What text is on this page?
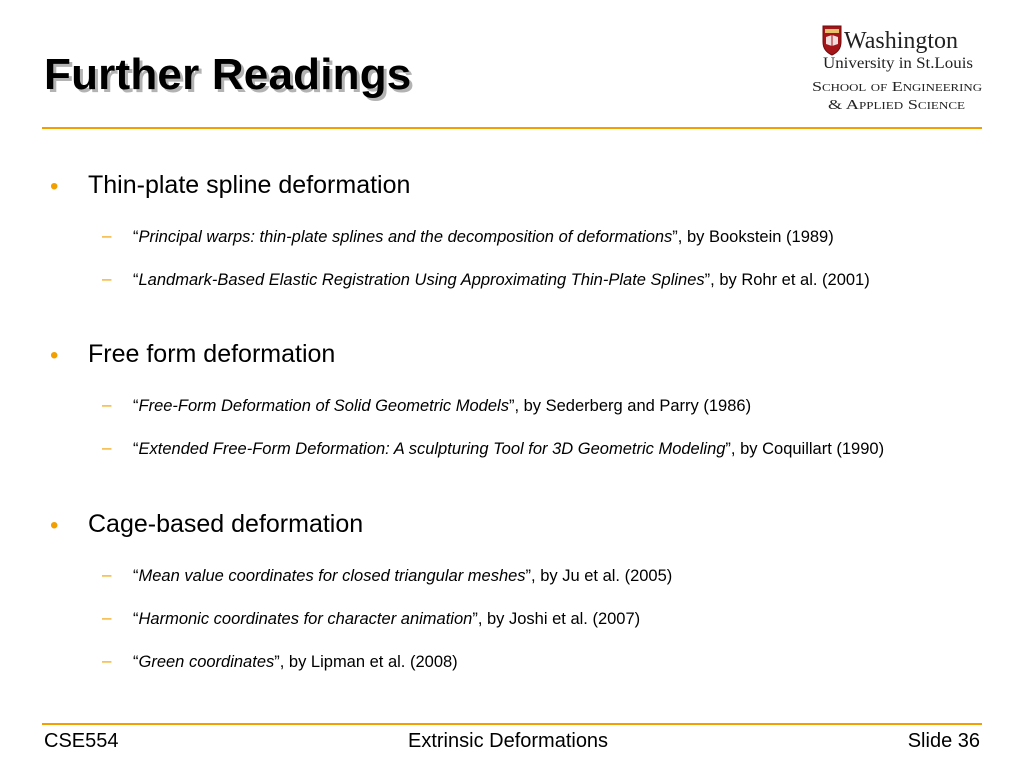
Further Readings
Washington
University in St.Louis
School of Engineering
& Applied Science
• Thin-plate spline deformation
– “Principal warps: thin-plate splines and the decomposition of deformations”, by Bookstein (1989)
– “Landmark-Based Elastic Registration Using Approximating Thin-Plate Splines”, by Rohr et al. (2001)
• Free form deformation
– “Free-Form Deformation of Solid Geometric Models”, by Sederberg and Parry (1986)
– “Extended Free-Form Deformation: A sculpturing Tool for 3D Geometric Modeling”, by Coquillart (1990)
• Cage-based deformation
– “Mean value coordinates for closed triangular meshes”, by Ju et al. (2005)
– “Harmonic coordinates for character animation”, by Joshi et al. (2007)
– “Green coordinates”, by Lipman et al. (2008)
CSE554	Extrinsic Deformations	Slide 36
